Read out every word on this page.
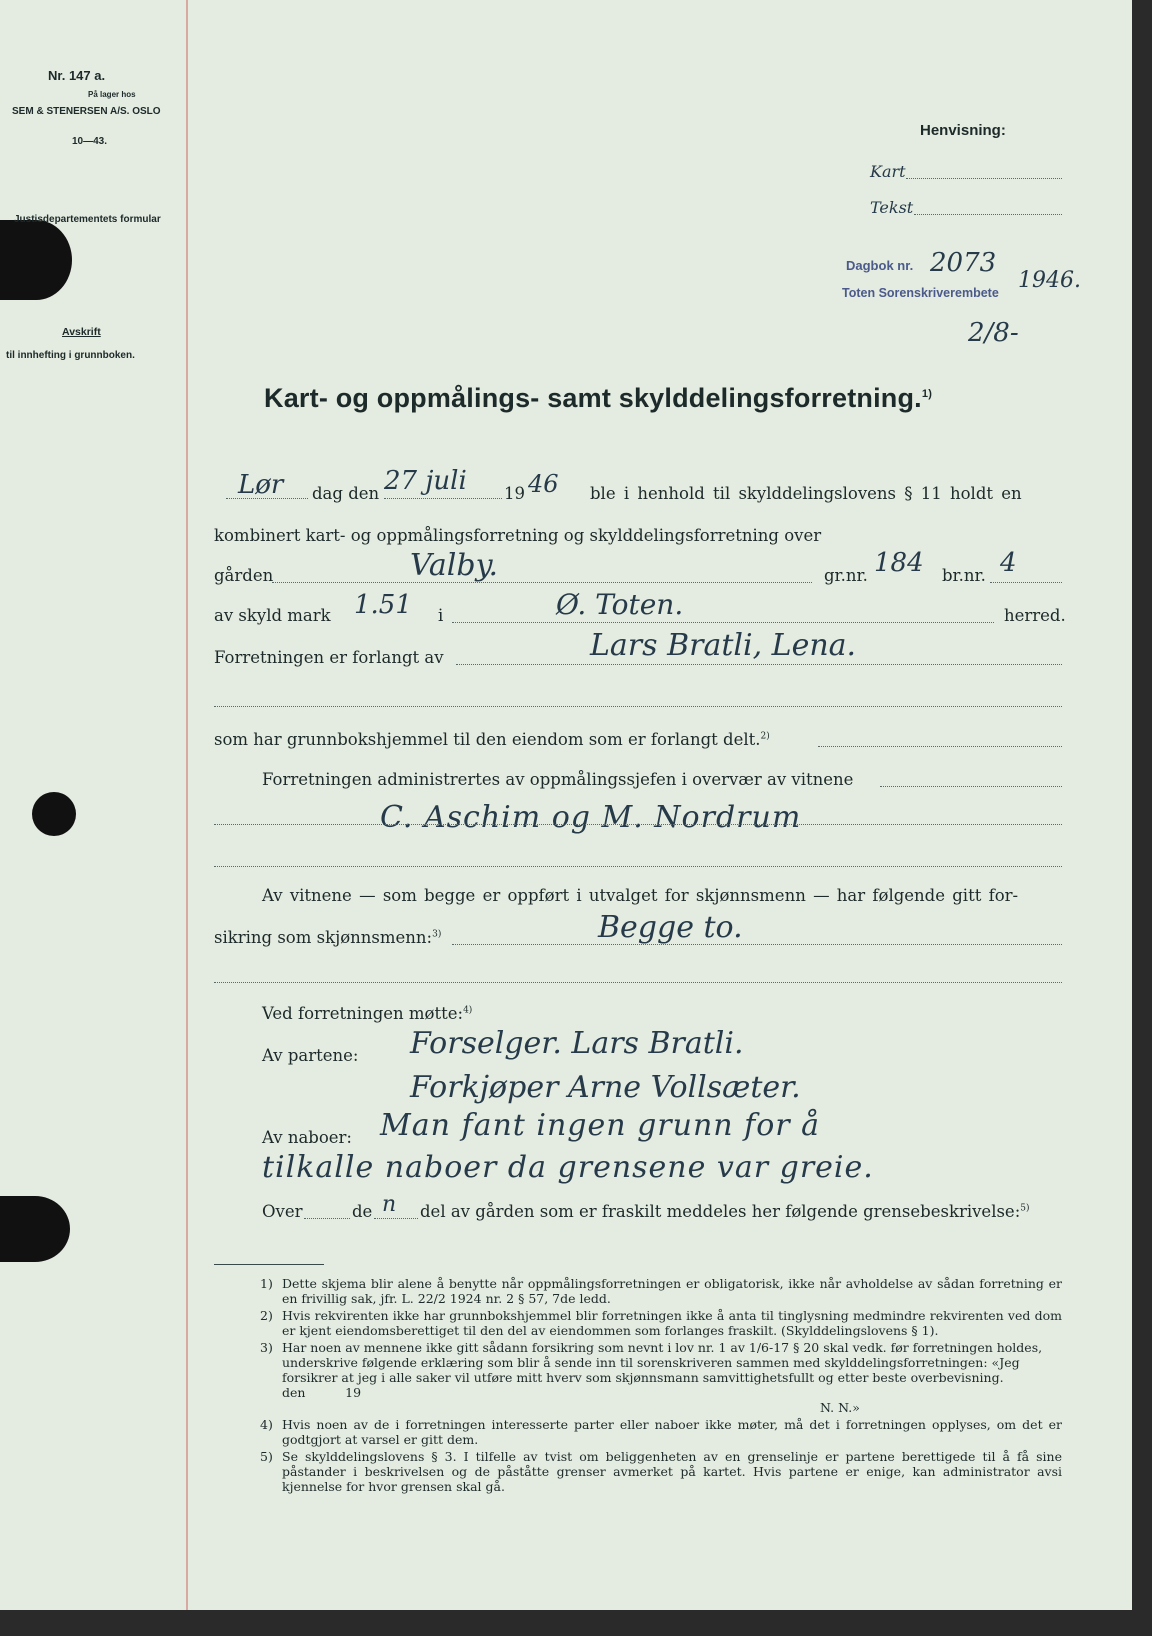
Nr. 147 a.
På lager hos
SEM & STENERSEN A/S. OSLO
10—43.
Justisdepartementets formular
Avskrift
til innhefting i grunnboken.
Henvisning:
Kart
Tekst
Dagbok nr.
Toten Sorenskriverembete
2073
1946.
2/8-
Kart- og oppmålings- samt skylddelingsforretning.$^{1)}$
Lør dag den 27 juli 19 46 ble i henhold til skylddelingslovens § 11 holdt en
kombinert kart- og oppmålingsforretning og skylddelingsforretning over
gården	Valby.	gr.nr. 184 br.nr. 4
av skyld mark 1.51 i	Ø. Toten.	herred.
Forretningen er forlangt av	Lars Bratli, Lena.
som har grunnbokshjemmel til den eiendom som er forlangt delt.$^{2)}$
Forretningen administrertes av oppmålingssjefen i overvær av vitnene
C. Aschim og M. Nordrum
Av vitnene — som begge er oppført i utvalget for skjønnsmenn — har følgende gitt for-
sikring som skjønnsmenn:$^{3)}$	Begge to.
Ved forretningen møtte:$^{4)}$
Av partene: Forselger. Lars Bratli.
Forkjøper Arne Vollsæter.
Av naboer: Man fant ingen grunn for å
tilkalle naboer da grensene var greie.
Over	de n del av gården som er fraskilt meddeles her følgende grensebeskrivelse:$^{5)}$
1) Dette skjema blir alene å benytte når oppmålingsforretningen er obligatorisk, ikke når avholdelse av sådan forretning er en frivillig sak, jfr. L. 22/2 1924 nr. 2 § 57, 7de ledd.
2) Hvis rekvirenten ikke har grunnbokshjemmel blir forretningen ikke å anta til tinglysning medmindre rekvirenten ved dom er kjent eiendomsberettiget til den del av eiendommen som forlanges fraskilt. (Skylddelingslovens § 1).
3) Har noen av mennene ikke gitt sådann forsikring som nevnt i lov nr. 1 av 1/6-17 § 20 skal vedk. før forretningen holdes, underskrive følgende erklæring som blir å sende inn til sorenskriveren sammen med skylddelingsforretningen: «Jeg forsikrer at jeg i alle saker vil utføre mitt hverv som skjønnsmann samvittighetsfullt og etter beste overbevisning.          den          19
N. N.»
4) Hvis noen av de i forretningen interesserte parter eller naboer ikke møter, må det i forretningen opplyses, om det er godtgjort at varsel er gitt dem.
5) Se skylddelingslovens § 3. I tilfelle av tvist om beliggenheten av en grenselinje er partene berettigede til å få sine påstander i beskrivelsen og de påståtte grenser avmerket på kartet. Hvis partene er enige, kan administrator avsi kjennelse for hvor grensen skal gå.
